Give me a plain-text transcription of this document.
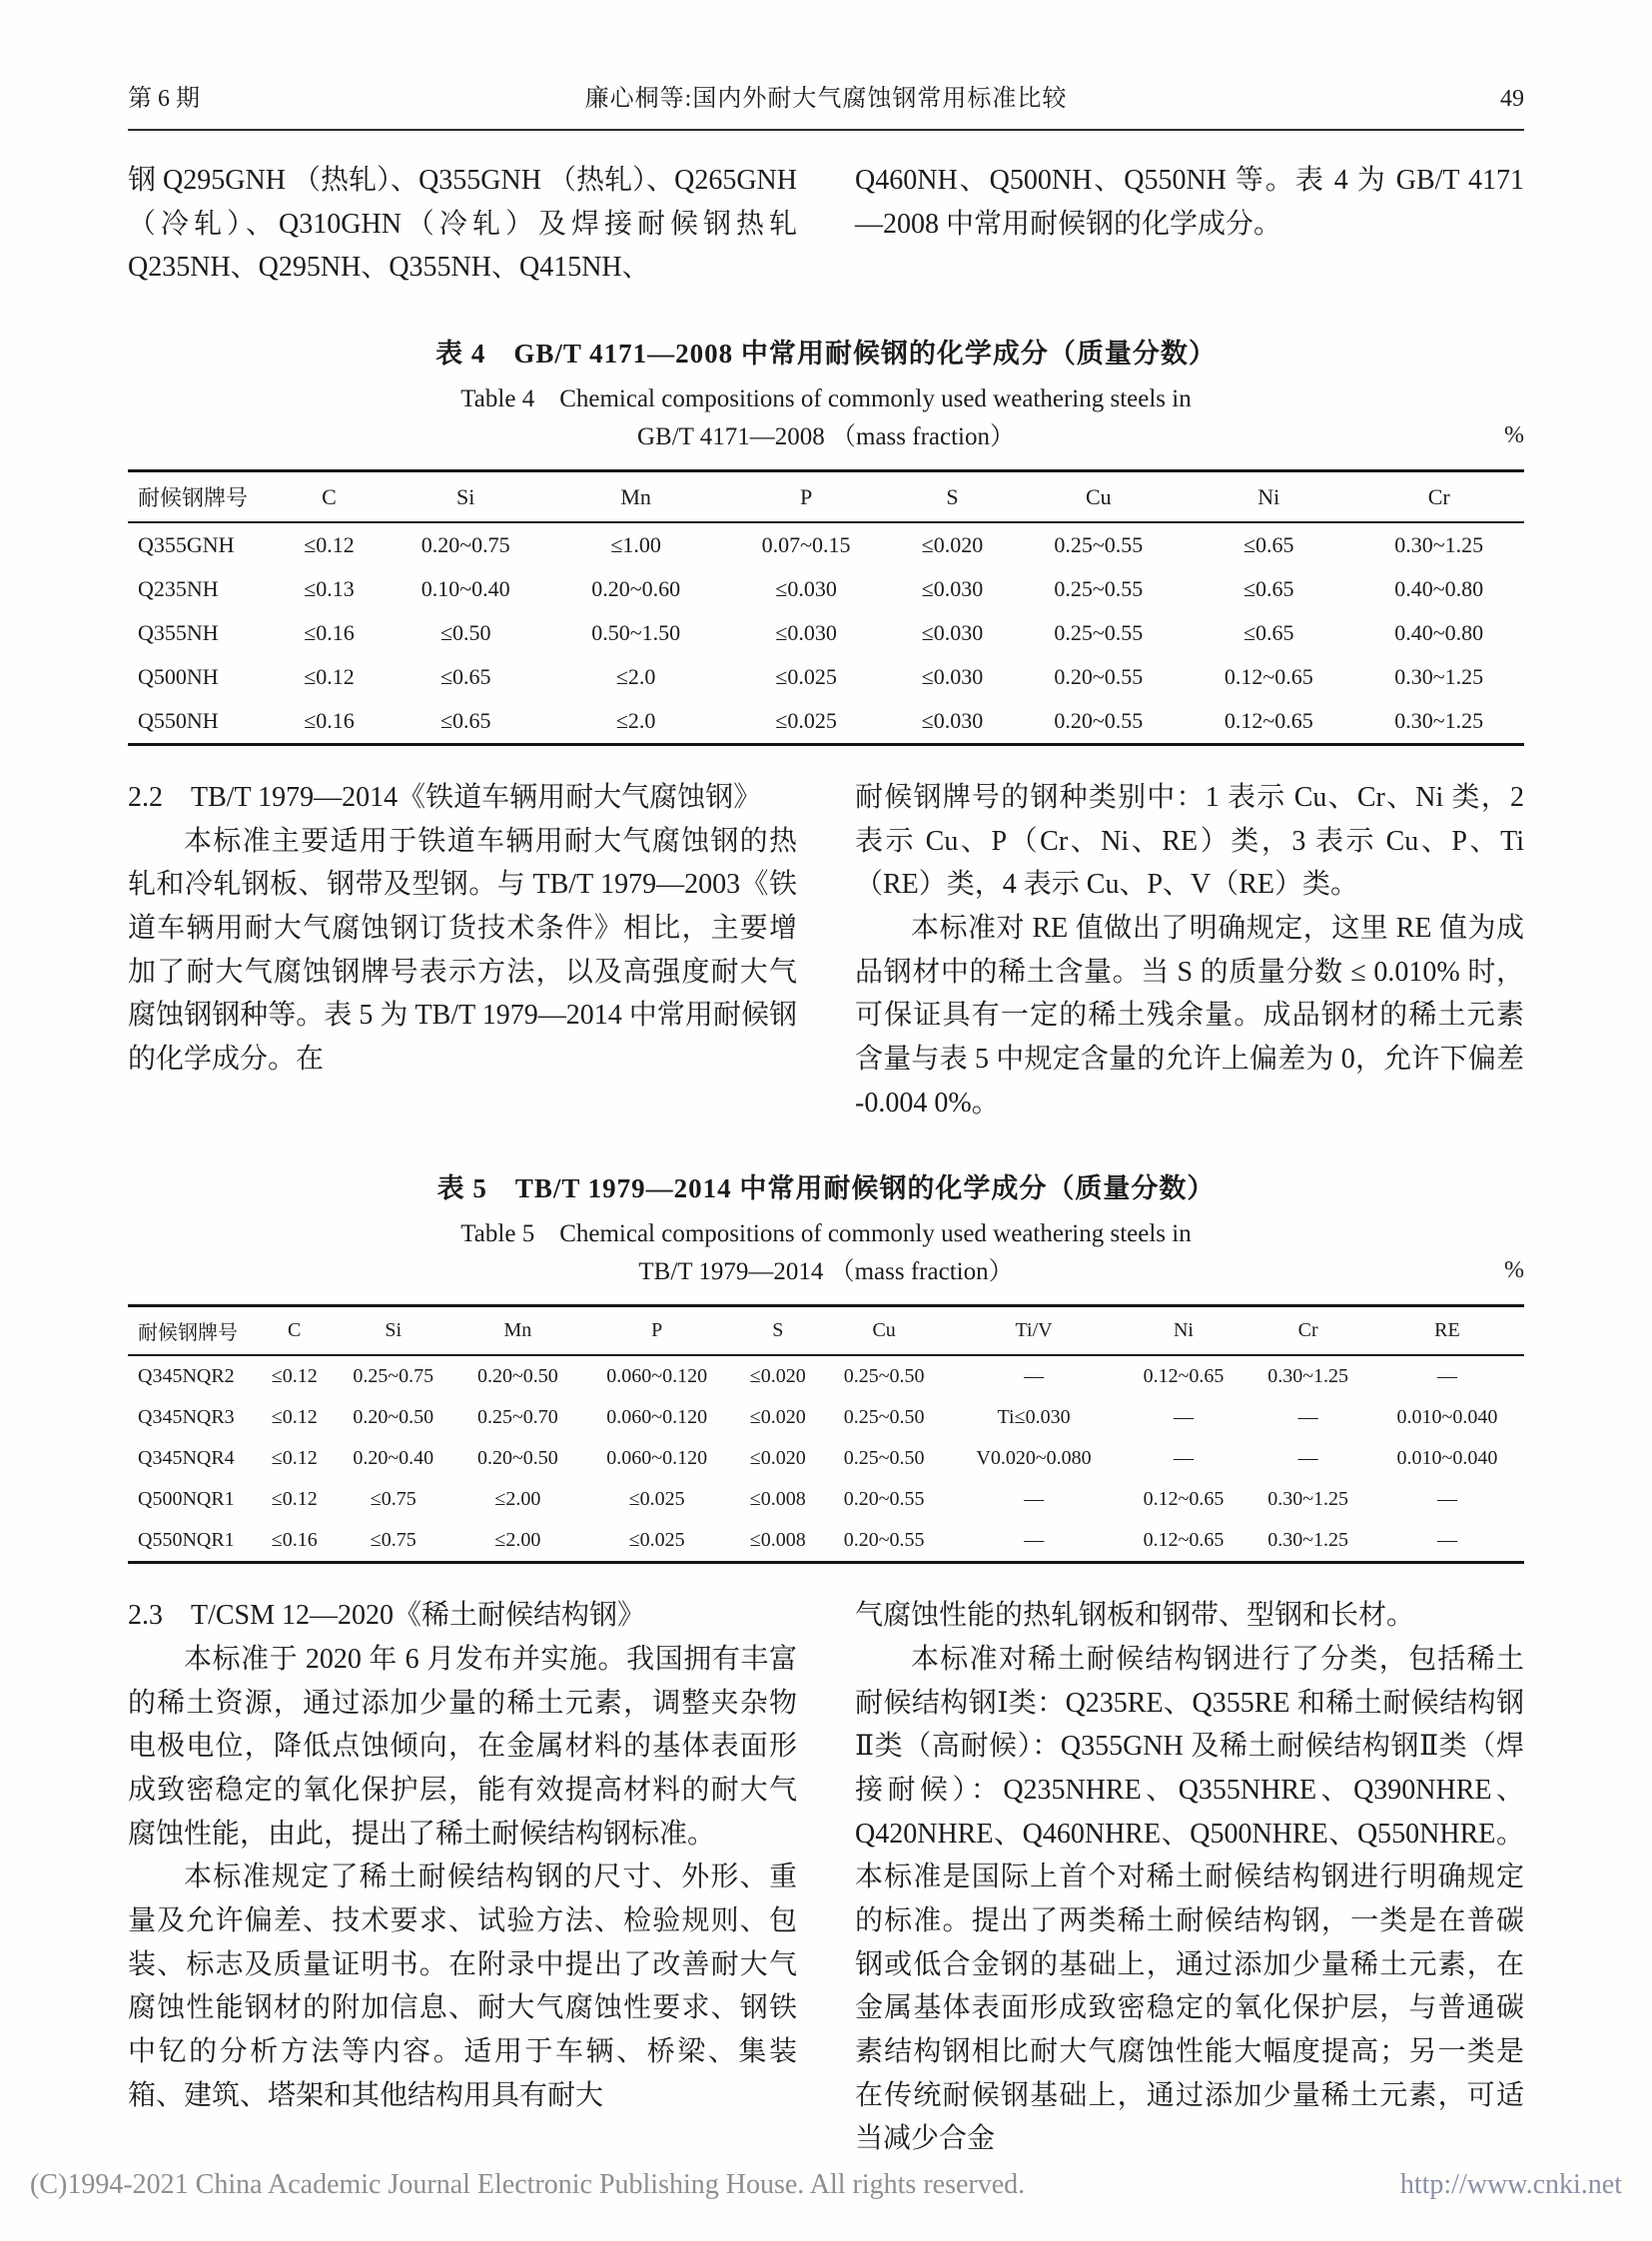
第 6 期	廉心桐等:国内外耐大气腐蚀钢常用标准比较	49

钢 Q295GNH （热轧）、Q355GNH （热轧）、Q265GNH（冷轧）、Q310GHN（冷轧）及焊接耐候钢热轧 Q235NH、Q295NH、Q355NH、Q415NH、

Q460NH、Q500NH、Q550NH 等。表 4 为 GB/T 4171—2008 中常用耐候钢的化学成分。

表 4　GB/T 4171—2008 中常用耐候钢的化学成分（质量分数）
Table 4　Chemical compositions of commonly used weathering steels in
GB/T 4171—2008 （mass fraction）	%
耐候钢牌号	C	Si	Mn	P	S	Cu	Ni	Cr
Q355GNH	≤0.12	0.20~0.75	≤1.00	0.07~0.15	≤0.020	0.25~0.55	≤0.65	0.30~1.25
Q235NH	≤0.13	0.10~0.40	0.20~0.60	≤0.030	≤0.030	0.25~0.55	≤0.65	0.40~0.80
Q355NH	≤0.16	≤0.50	0.50~1.50	≤0.030	≤0.030	0.25~0.55	≤0.65	0.40~0.80
Q500NH	≤0.12	≤0.65	≤2.0	≤0.025	≤0.030	0.20~0.55	0.12~0.65	0.30~1.25
Q550NH	≤0.16	≤0.65	≤2.0	≤0.025	≤0.030	0.20~0.55	0.12~0.65	0.30~1.25

2.2　TB/T 1979—2014《铁道车辆用耐大气腐蚀钢》

本标准主要适用于铁道车辆用耐大气腐蚀钢的热轧和冷轧钢板、钢带及型钢。与 TB/T 1979—2003《铁道车辆用耐大气腐蚀钢订货技术条件》相比，主要增加了耐大气腐蚀钢牌号表示方法，以及高强度耐大气腐蚀钢钢种等。表 5 为 TB/T 1979—2014 中常用耐候钢的化学成分。在

耐候钢牌号的钢种类别中：1 表示 Cu、Cr、Ni 类，2 表示 Cu、P（Cr、Ni、RE）类，3 表示 Cu、P、Ti（RE）类，4 表示 Cu、P、V（RE）类。

本标准对 RE 值做出了明确规定，这里 RE 值为成品钢材中的稀土含量。当 S 的质量分数 ≤ 0.010% 时，可保证具有一定的稀土残余量。成品钢材的稀土元素含量与表 5 中规定含量的允许上偏差为 0，允许下偏差 -0.004 0%。

表 5　TB/T 1979—2014 中常用耐候钢的化学成分（质量分数）
Table 5　Chemical compositions of commonly used weathering steels in
TB/T 1979—2014 （mass fraction）	%
耐候钢牌号	C	Si	Mn	P	S	Cu	Ti/V	Ni	Cr	RE
Q345NQR2	≤0.12	0.25~0.75	0.20~0.50	0.060~0.120	≤0.020	0.25~0.50	—	0.12~0.65	0.30~1.25	—
Q345NQR3	≤0.12	0.20~0.50	0.25~0.70	0.060~0.120	≤0.020	0.25~0.50	Ti≤0.030	—	—	0.010~0.040
Q345NQR4	≤0.12	0.20~0.40	0.20~0.50	0.060~0.120	≤0.020	0.25~0.50	V0.020~0.080	—	—	0.010~0.040
Q500NQR1	≤0.12	≤0.75	≤2.00	≤0.025	≤0.008	0.20~0.55	—	0.12~0.65	0.30~1.25	—
Q550NQR1	≤0.16	≤0.75	≤2.00	≤0.025	≤0.008	0.20~0.55	—	0.12~0.65	0.30~1.25	—

2.3　T/CSM 12—2020《稀土耐候结构钢》

本标准于 2020 年 6 月发布并实施。我国拥有丰富的稀土资源，通过添加少量的稀土元素，调整夹杂物电极电位，降低点蚀倾向，在金属材料的基体表面形成致密稳定的氧化保护层，能有效提高材料的耐大气腐蚀性能，由此，提出了稀土耐候结构钢标准。

本标准规定了稀土耐候结构钢的尺寸、外形、重量及允许偏差、技术要求、试验方法、检验规则、包装、标志及质量证明书。在附录中提出了改善耐大气腐蚀性能钢材的附加信息、耐大气腐蚀性要求、钢铁中钇的分析方法等内容。适用于车辆、桥梁、集装箱、建筑、塔架和其他结构用具有耐大

气腐蚀性能的热轧钢板和钢带、型钢和长材。

本标准对稀土耐候结构钢进行了分类，包括稀土耐候结构钢Ⅰ类：Q235RE、Q355RE 和稀土耐候结构钢Ⅱ类（高耐候）：Q355GNH 及稀土耐候结构钢Ⅱ类（焊接耐候）：Q235NHRE、Q355NHRE、Q390NHRE、Q420NHRE、Q460NHRE、Q500NHRE、Q550NHRE。本标准是国际上首个对稀土耐候结构钢进行明确规定的标准。提出了两类稀土耐候结构钢，一类是在普碳钢或低合金钢的基础上，通过添加少量稀土元素，在金属基体表面形成致密稳定的氧化保护层，与普通碳素结构钢相比耐大气腐蚀性能大幅度提高；另一类是在传统耐候钢基础上，通过添加少量稀土元素，可适当减少合金

(C)1994-2021 China Academic Journal Electronic Publishing House. All rights reserved.	http://www.cnki.net
